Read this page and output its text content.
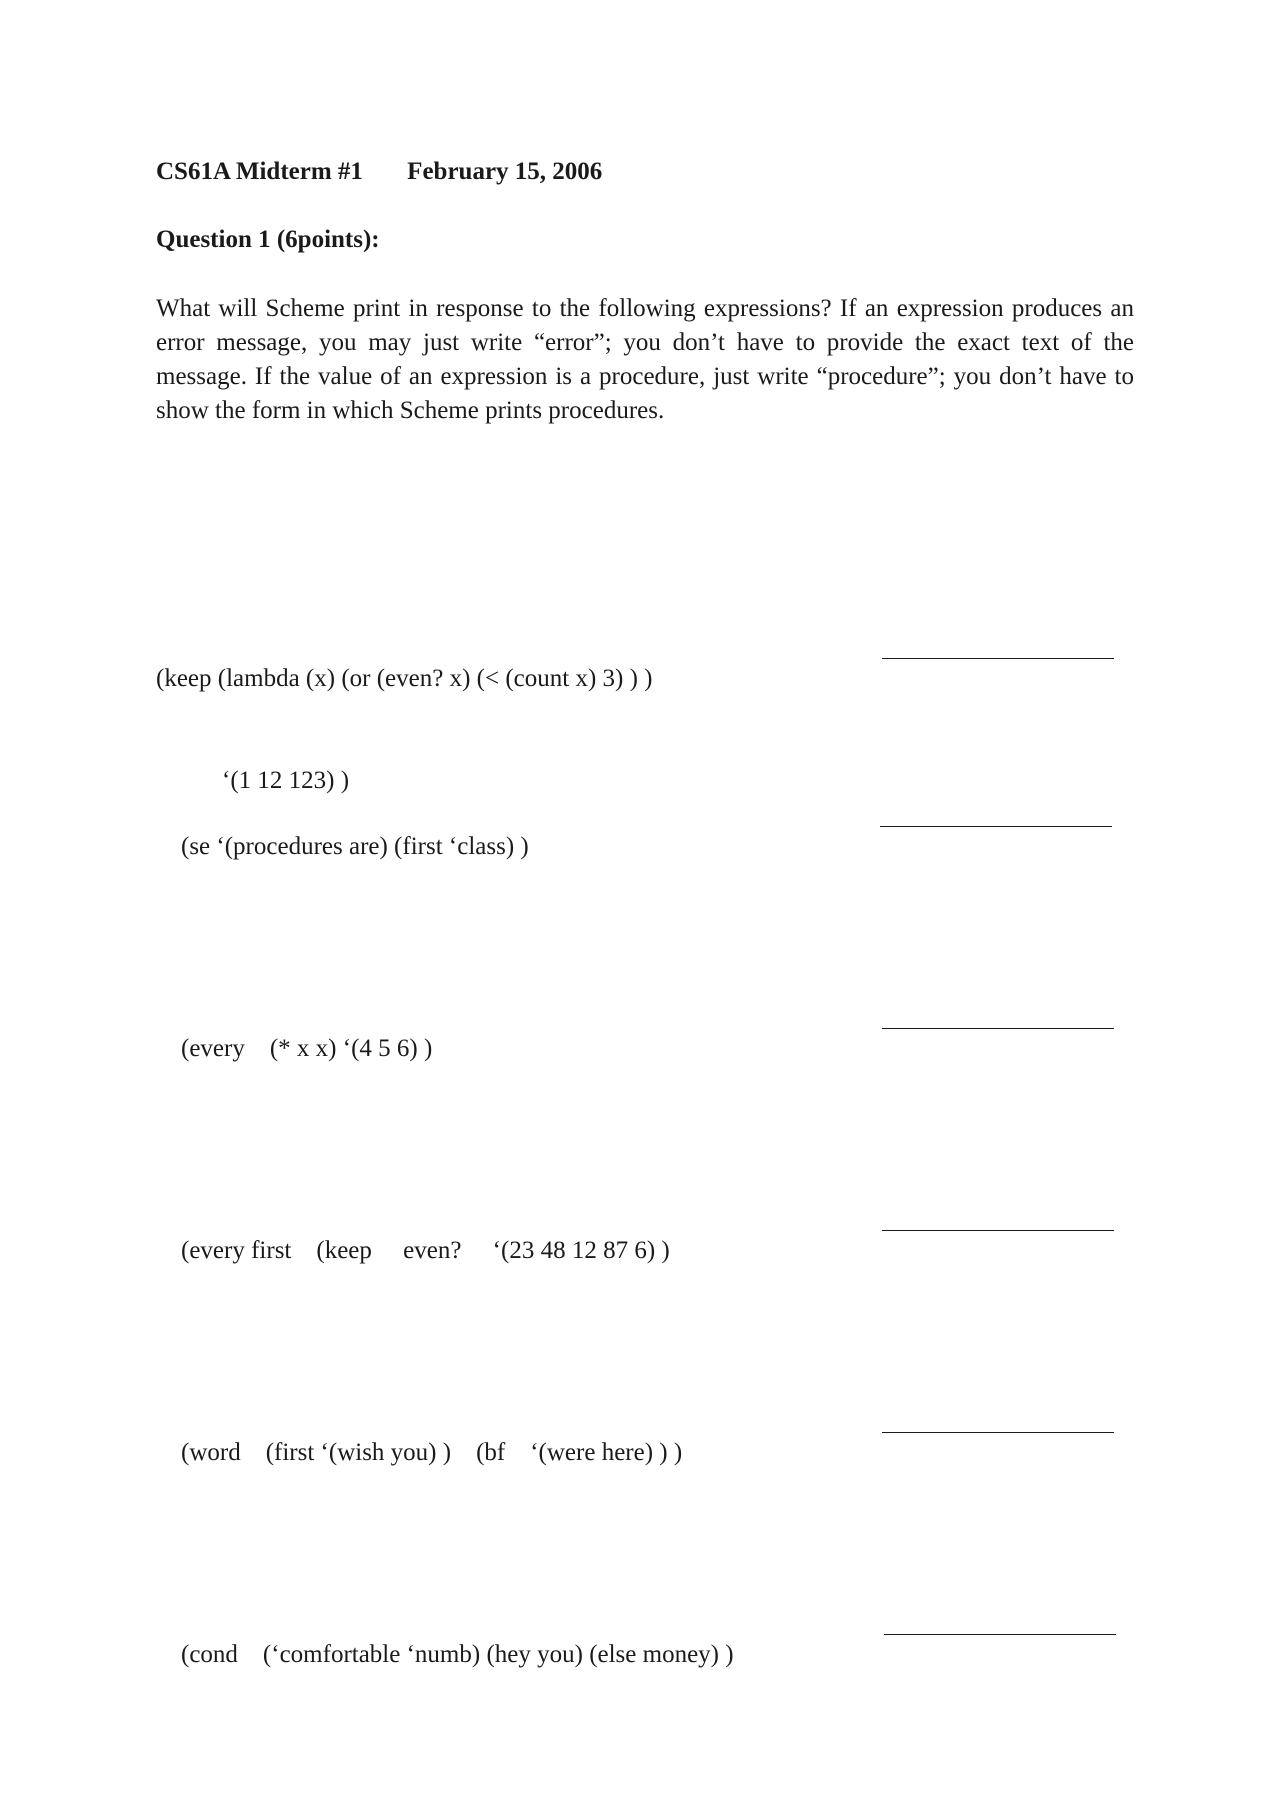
CS61A Midterm #1 February 15, 2006
Question 1 (6points):
What will Scheme print in response to the following expressions? If an expression produces an error message, you may just write “error”; you don’t have to provide the exact text of the message. If the value of an expression is a procedure, just write “procedure”; you don’t have to show the form in which Scheme prints procedures.

(keep (lambda (x) (or (even? x) (< (count x) 3) ) )

‘(1 12 123) )

(se ‘(procedures are) (first ‘class) )

(every    (* x x) ‘(4 5 6) )

(every first    (keep     even?     ‘(23 48 12 87 6) )

(word    (first ‘(wish you) )    (bf    ‘(were here) ) )

(cond    (‘comfortable ‘numb) (hey you) (else money) )
